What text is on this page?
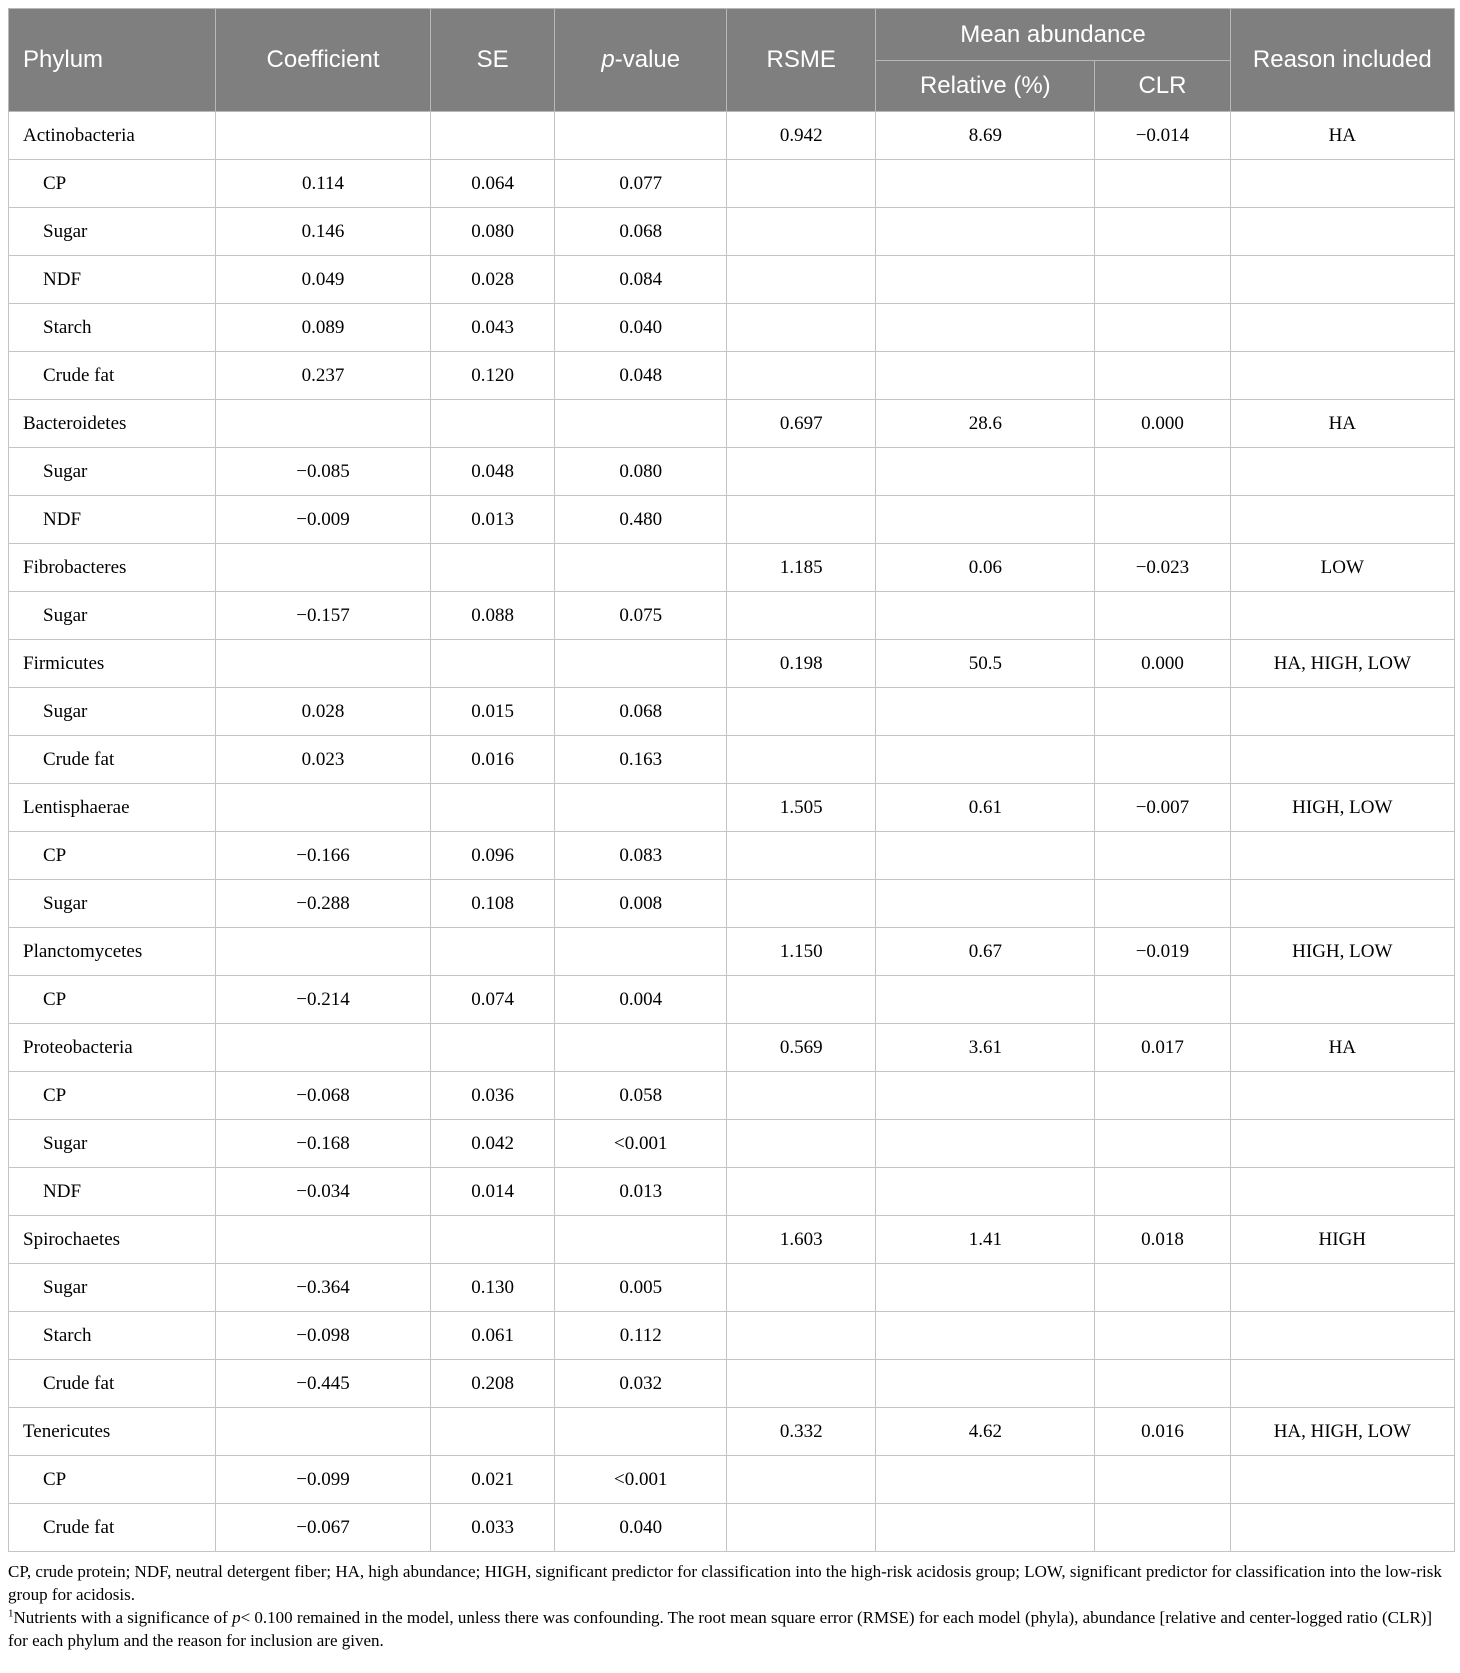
Phylum	Coefficient	SE	p-value	RSME	Mean abundance		Reason included
					Relative (%)	CLR	
Actinobacteria				0.942	8.69	−0.014	HA
CP	0.114	0.064	0.077				
Sugar	0.146	0.080	0.068				
NDF	0.049	0.028	0.084				
Starch	0.089	0.043	0.040				
Crude fat	0.237	0.120	0.048				
Bacteroidetes				0.697	28.6	0.000	HA
Sugar	−0.085	0.048	0.080				
NDF	−0.009	0.013	0.480				
Fibrobacteres				1.185	0.06	−0.023	LOW
Sugar	−0.157	0.088	0.075				
Firmicutes				0.198	50.5	0.000	HA, HIGH, LOW
Sugar	0.028	0.015	0.068				
Crude fat	0.023	0.016	0.163				
Lentisphaerae				1.505	0.61	−0.007	HIGH, LOW
CP	−0.166	0.096	0.083				
Sugar	−0.288	0.108	0.008				
Planctomycetes				1.150	0.67	−0.019	HIGH, LOW
CP	−0.214	0.074	0.004				
Proteobacteria				0.569	3.61	0.017	HA
CP	−0.068	0.036	0.058				
Sugar	−0.168	0.042	<0.001				
NDF	−0.034	0.014	0.013				
Spirochaetes				1.603	1.41	0.018	HIGH
Sugar	−0.364	0.130	0.005				
Starch	−0.098	0.061	0.112				
Crude fat	−0.445	0.208	0.032				
Tenericutes				0.332	4.62	0.016	HA, HIGH, LOW
CP	−0.099	0.021	<0.001				
Crude fat	−0.067	0.033	0.040				

CP, crude protein; NDF, neutral detergent fiber; HA, high abundance; HIGH, significant predictor for classification into the high-risk acidosis group; LOW, significant predictor for classification into the low-risk group for acidosis.

$^1$Nutrients with a significance of p< 0.100 remained in the model, unless there was confounding. The root mean square error (RMSE) for each model (phyla), abundance [relative and center-logged ratio (CLR)] for each phylum and the reason for inclusion are given.
